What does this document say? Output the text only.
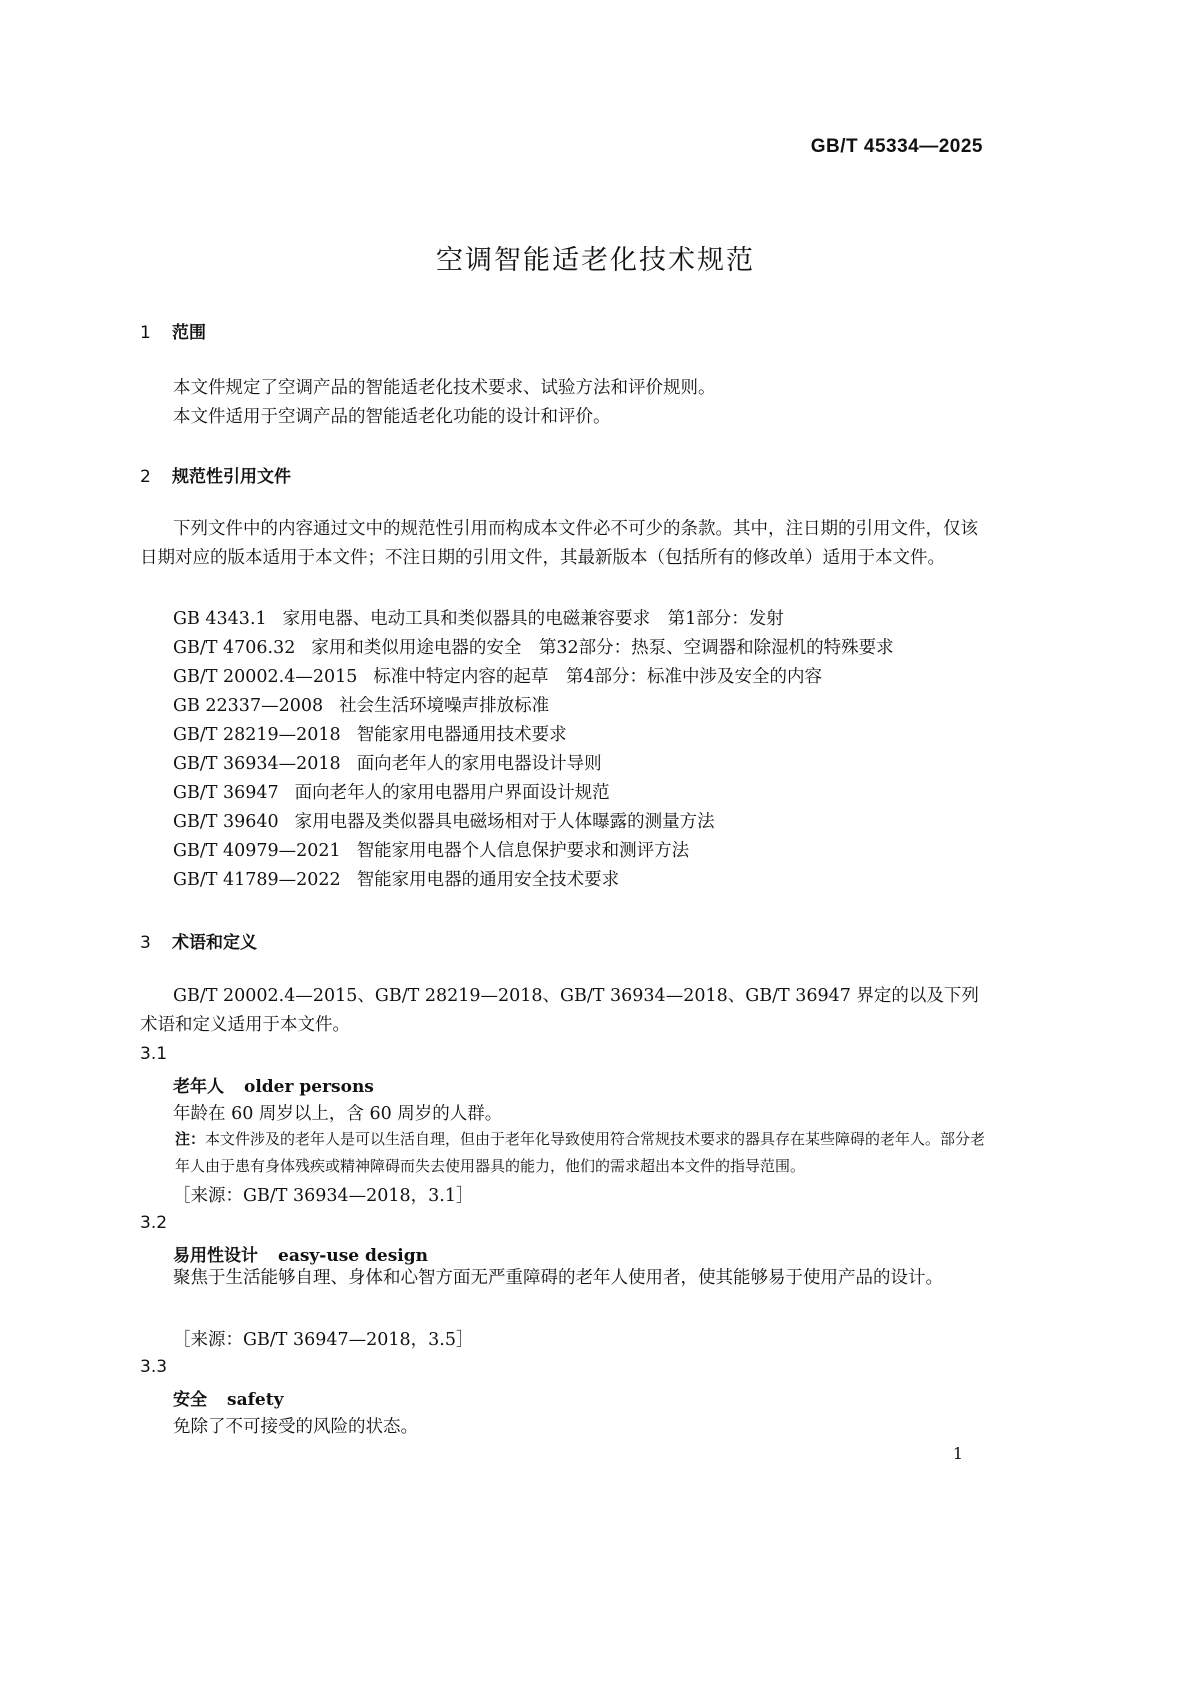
GB/T 45334—2025
空调智能适老化技术规范
1 范围
本文件规定了空调产品的智能适老化技术要求、试验方法和评价规则。
本文件适用于空调产品的智能适老化功能的设计和评价。
2 规范性引用文件
下列文件中的内容通过文中的规范性引用而构成本文件必不可少的条款。其中，注日期的引用文件，仅该日期对应的版本适用于本文件；不注日期的引用文件，其最新版本（包括所有的修改单）适用于本文件。
GB 4343.1 家用电器、电动工具和类似器具的电磁兼容要求　第1部分：发射
GB/T 4706.32 家用和类似用途电器的安全　第32部分：热泵、空调器和除湿机的特殊要求
GB/T 20002.4—2015 标准中特定内容的起草　第4部分：标准中涉及安全的内容
GB 22337—2008 社会生活环境噪声排放标准
GB/T 28219—2018 智能家用电器通用技术要求
GB/T 36934—2018 面向老年人的家用电器设计导则
GB/T 36947 面向老年人的家用电器用户界面设计规范
GB/T 39640 家用电器及类似器具电磁场相对于人体曝露的测量方法
GB/T 40979—2021 智能家用电器个人信息保护要求和测评方法
GB/T 41789—2022 智能家用电器的通用安全技术要求
3 术语和定义
GB/T 20002.4—2015、GB/T 28219—2018、GB/T 36934—2018、GB/T 36947 界定的以及下列术语和定义适用于本文件。
3.1
老年人 older persons
年龄在 60 周岁以上，含 60 周岁的人群。
注：本文件涉及的老年人是可以生活自理，但由于老年化导致使用符合常规技术要求的器具存在某些障碍的老年人。部分老年人由于患有身体残疾或精神障碍而失去使用器具的能力，他们的需求超出本文件的指导范围。
［来源：GB/T 36934—2018，3.1］
3.2
易用性设计 easy-use design
聚焦于生活能够自理、身体和心智方面无严重障碍的老年人使用者，使其能够易于使用产品的设计。
［来源：GB/T 36947—2018，3.5］
3.3
安全 safety
免除了不可接受的风险的状态。
1
